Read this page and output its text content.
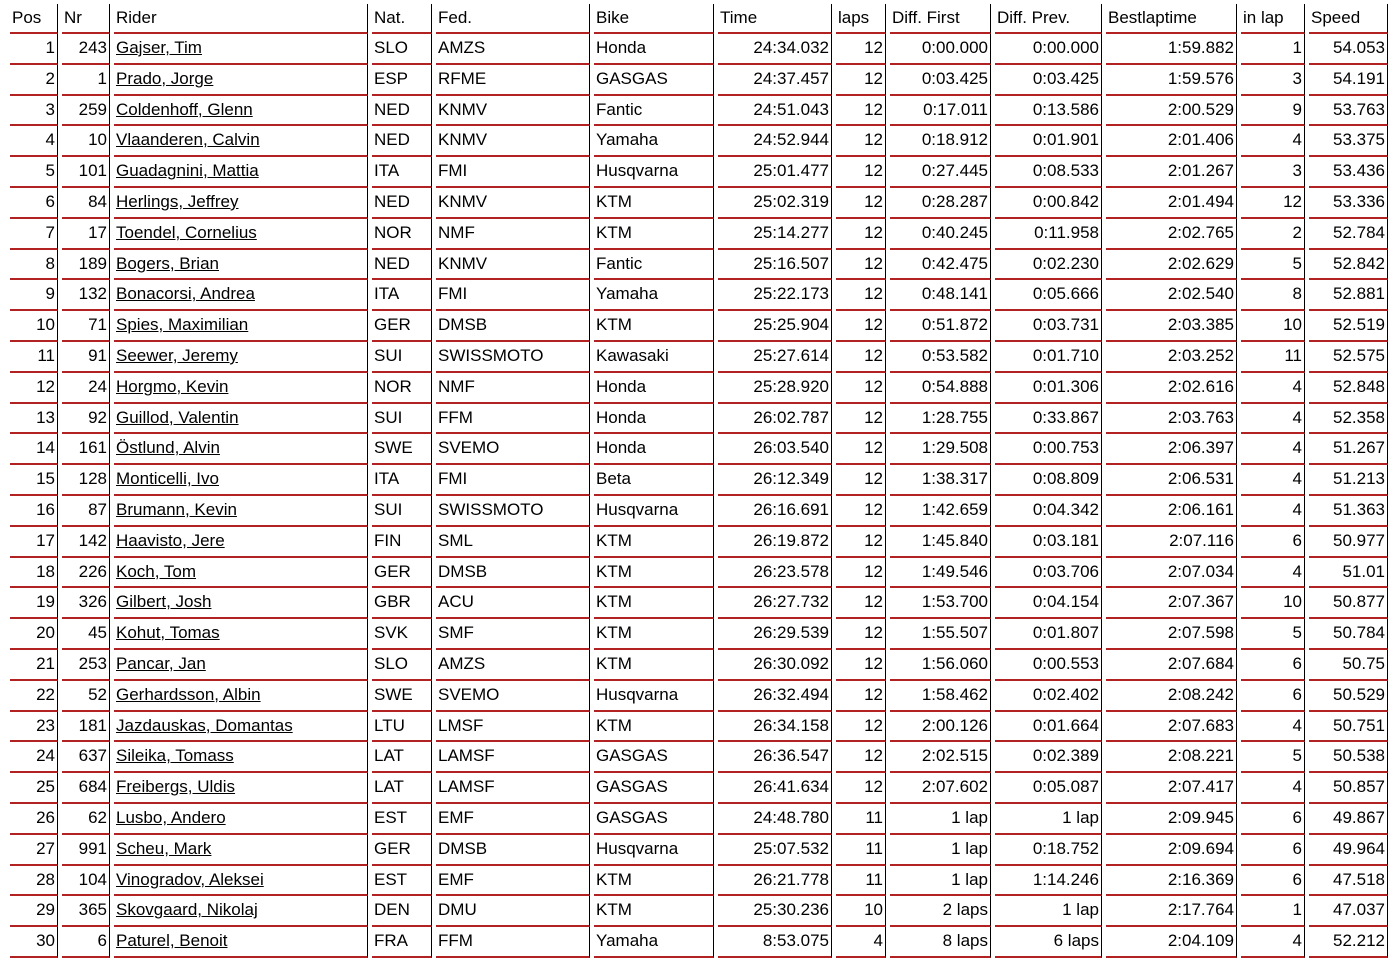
Pos	Nr	Rider	Nat.	Fed.	Bike	Time	laps	Diff. First	Diff. Prev.	Bestlaptime	in lap	Speed
1	243	Gajser, Tim	SLO	AMZS	Honda	24:34.032	12	0:00.000	0:00.000	1:59.882	1	54.053
2	1	Prado, Jorge	ESP	RFME	GASGAS	24:37.457	12	0:03.425	0:03.425	1:59.576	3	54.191
3	259	Coldenhoff, Glenn	NED	KNMV	Fantic	24:51.043	12	0:17.011	0:13.586	2:00.529	9	53.763
4	10	Vlaanderen, Calvin	NED	KNMV	Yamaha	24:52.944	12	0:18.912	0:01.901	2:01.406	4	53.375
5	101	Guadagnini, Mattia	ITA	FMI	Husqvarna	25:01.477	12	0:27.445	0:08.533	2:01.267	3	53.436
6	84	Herlings, Jeffrey	NED	KNMV	KTM	25:02.319	12	0:28.287	0:00.842	2:01.494	12	53.336
7	17	Toendel, Cornelius	NOR	NMF	KTM	25:14.277	12	0:40.245	0:11.958	2:02.765	2	52.784
8	189	Bogers, Brian	NED	KNMV	Fantic	25:16.507	12	0:42.475	0:02.230	2:02.629	5	52.842
9	132	Bonacorsi, Andrea	ITA	FMI	Yamaha	25:22.173	12	0:48.141	0:05.666	2:02.540	8	52.881
10	71	Spies, Maximilian	GER	DMSB	KTM	25:25.904	12	0:51.872	0:03.731	2:03.385	10	52.519
11	91	Seewer, Jeremy	SUI	SWISSMOTO	Kawasaki	25:27.614	12	0:53.582	0:01.710	2:03.252	11	52.575
12	24	Horgmo, Kevin	NOR	NMF	Honda	25:28.920	12	0:54.888	0:01.306	2:02.616	4	52.848
13	92	Guillod, Valentin	SUI	FFM	Honda	26:02.787	12	1:28.755	0:33.867	2:03.763	4	52.358
14	161	Östlund, Alvin	SWE	SVEMO	Honda	26:03.540	12	1:29.508	0:00.753	2:06.397	4	51.267
15	128	Monticelli, Ivo	ITA	FMI	Beta	26:12.349	12	1:38.317	0:08.809	2:06.531	4	51.213
16	87	Brumann, Kevin	SUI	SWISSMOTO	Husqvarna	26:16.691	12	1:42.659	0:04.342	2:06.161	4	51.363
17	142	Haavisto, Jere	FIN	SML	KTM	26:19.872	12	1:45.840	0:03.181	2:07.116	6	50.977
18	226	Koch, Tom	GER	DMSB	KTM	26:23.578	12	1:49.546	0:03.706	2:07.034	4	51.01
19	326	Gilbert, Josh	GBR	ACU	KTM	26:27.732	12	1:53.700	0:04.154	2:07.367	10	50.877
20	45	Kohut, Tomas	SVK	SMF	KTM	26:29.539	12	1:55.507	0:01.807	2:07.598	5	50.784
21	253	Pancar, Jan	SLO	AMZS	KTM	26:30.092	12	1:56.060	0:00.553	2:07.684	6	50.75
22	52	Gerhardsson, Albin	SWE	SVEMO	Husqvarna	26:32.494	12	1:58.462	0:02.402	2:08.242	6	50.529
23	181	Jazdauskas, Domantas	LTU	LMSF	KTM	26:34.158	12	2:00.126	0:01.664	2:07.683	4	50.751
24	637	Sileika, Tomass	LAT	LAMSF	GASGAS	26:36.547	12	2:02.515	0:02.389	2:08.221	5	50.538
25	684	Freibergs, Uldis	LAT	LAMSF	GASGAS	26:41.634	12	2:07.602	0:05.087	2:07.417	4	50.857
26	62	Lusbo, Andero	EST	EMF	GASGAS	24:48.780	11	1 lap	1 lap	2:09.945	6	49.867
27	991	Scheu, Mark	GER	DMSB	Husqvarna	25:07.532	11	1 lap	0:18.752	2:09.694	6	49.964
28	104	Vinogradov, Aleksei	EST	EMF	KTM	26:21.778	11	1 lap	1:14.246	2:16.369	6	47.518
29	365	Skovgaard, Nikolaj	DEN	DMU	KTM	25:30.236	10	2 laps	1 lap	2:17.764	1	47.037
30	6	Paturel, Benoit	FRA	FFM	Yamaha	8:53.075	4	8 laps	6 laps	2:04.109	4	52.212
